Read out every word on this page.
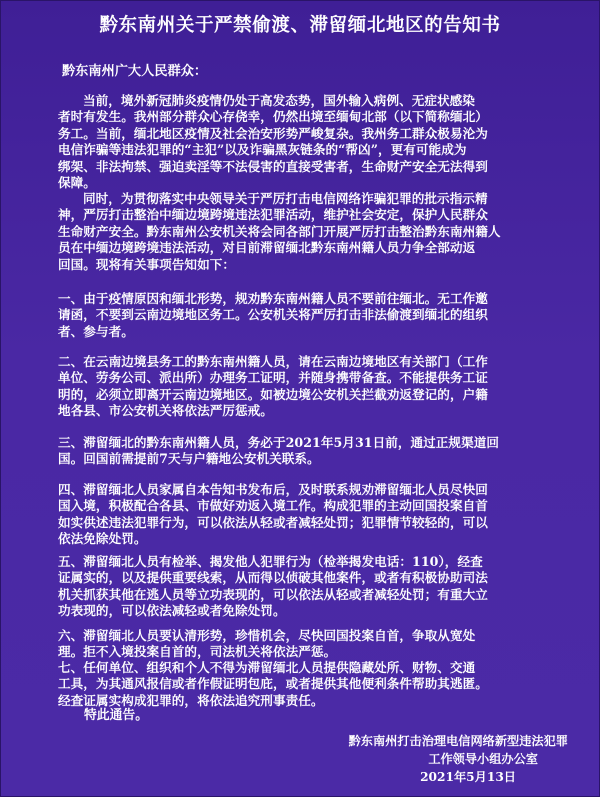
黔东南州关于严禁偷渡、滞留缅北地区的告知书
黔东南州广大人民群众：
当前，境外新冠肺炎疫情仍处于高发态势，国外输入病例、无症状感染
者时有发生。我州部分群众心存侥幸，仍然出境至缅甸北部（以下简称缅北）
务工。当前，缅北地区疫情及社会治安形势严峻复杂。我州务工群众极易沦为
电信诈骗等违法犯罪的“主犯”以及诈骗黑灰链条的“帮凶”，更有可能成为
绑架、非法拘禁、强迫卖淫等不法侵害的直接受害者，生命财产安全无法得到
保障。
同时，为贯彻落实中央领导关于严厉打击电信网络诈骗犯罪的批示指示精
神，严厉打击整治中缅边境跨境违法犯罪活动，维护社会安定，保护人民群众
生命财产安全。黔东南州公安机关将会同各部门开展严厉打击整治黔东南州籍人
员在中缅边境跨境违法活动，对目前滞留缅北黔东南州籍人员力争全部动返
回国。现将有关事项告知如下：
一、由于疫情原因和缅北形势，规劝黔东南州籍人员不要前往缅北。无工作邀
请函，不要到云南边境地区务工。公安机关将严厉打击非法偷渡到缅北的组织
者、参与者。
二、在云南边境县务工的黔东南州籍人员，请在云南边境地区有关部门（工作
单位、劳务公司、派出所）办理务工证明，并随身携带备查。不能提供务工证
明的，必须立即离开云南边境地区。如被边境公安机关拦截劝返登记的，户籍
地各县、市公安机关将依法严厉惩戒。
三、滞留缅北的黔东南州籍人员，务必于2021年5月31日前，通过正规渠道回
国。回国前需提前7天与户籍地公安机关联系。
四、滞留缅北人员家属自本告知书发布后，及时联系规劝滞留缅北人员尽快回
国入境，积极配合各县、市做好劝返入境工作。构成犯罪的主动回国投案自首
如实供述违法犯罪行为，可以依法从轻或者减轻处罚；犯罪情节较轻的，可以
依法免除处罚。
五、滞留缅北人员有检举、揭发他人犯罪行为（检举揭发电话：110），经查
证属实的，以及提供重要线索，从而得以侦破其他案件，或者有积极协助司法
机关抓获其他在逃人员等立功表现的，可以依法从轻或者减轻处罚；有重大立
功表现的，可以依法减轻或者免除处罚。
六、滞留缅北人员要认清形势，珍惜机会，尽快回国投案自首，争取从宽处
理。拒不入境投案自首的，司法机关将依法严惩。
七、任何单位、组织和个人不得为滞留缅北人员提供隐藏处所、财物、交通
工具，为其通风报信或者作假证明包庇，或者提供其他便利条件帮助其逃匿。
经查证属实构成犯罪的，将依法追究刑事责任。
特此通告。
黔东南州打击治理电信网络新型违法犯罪
工作领导小组办公室
2021年5月13日
